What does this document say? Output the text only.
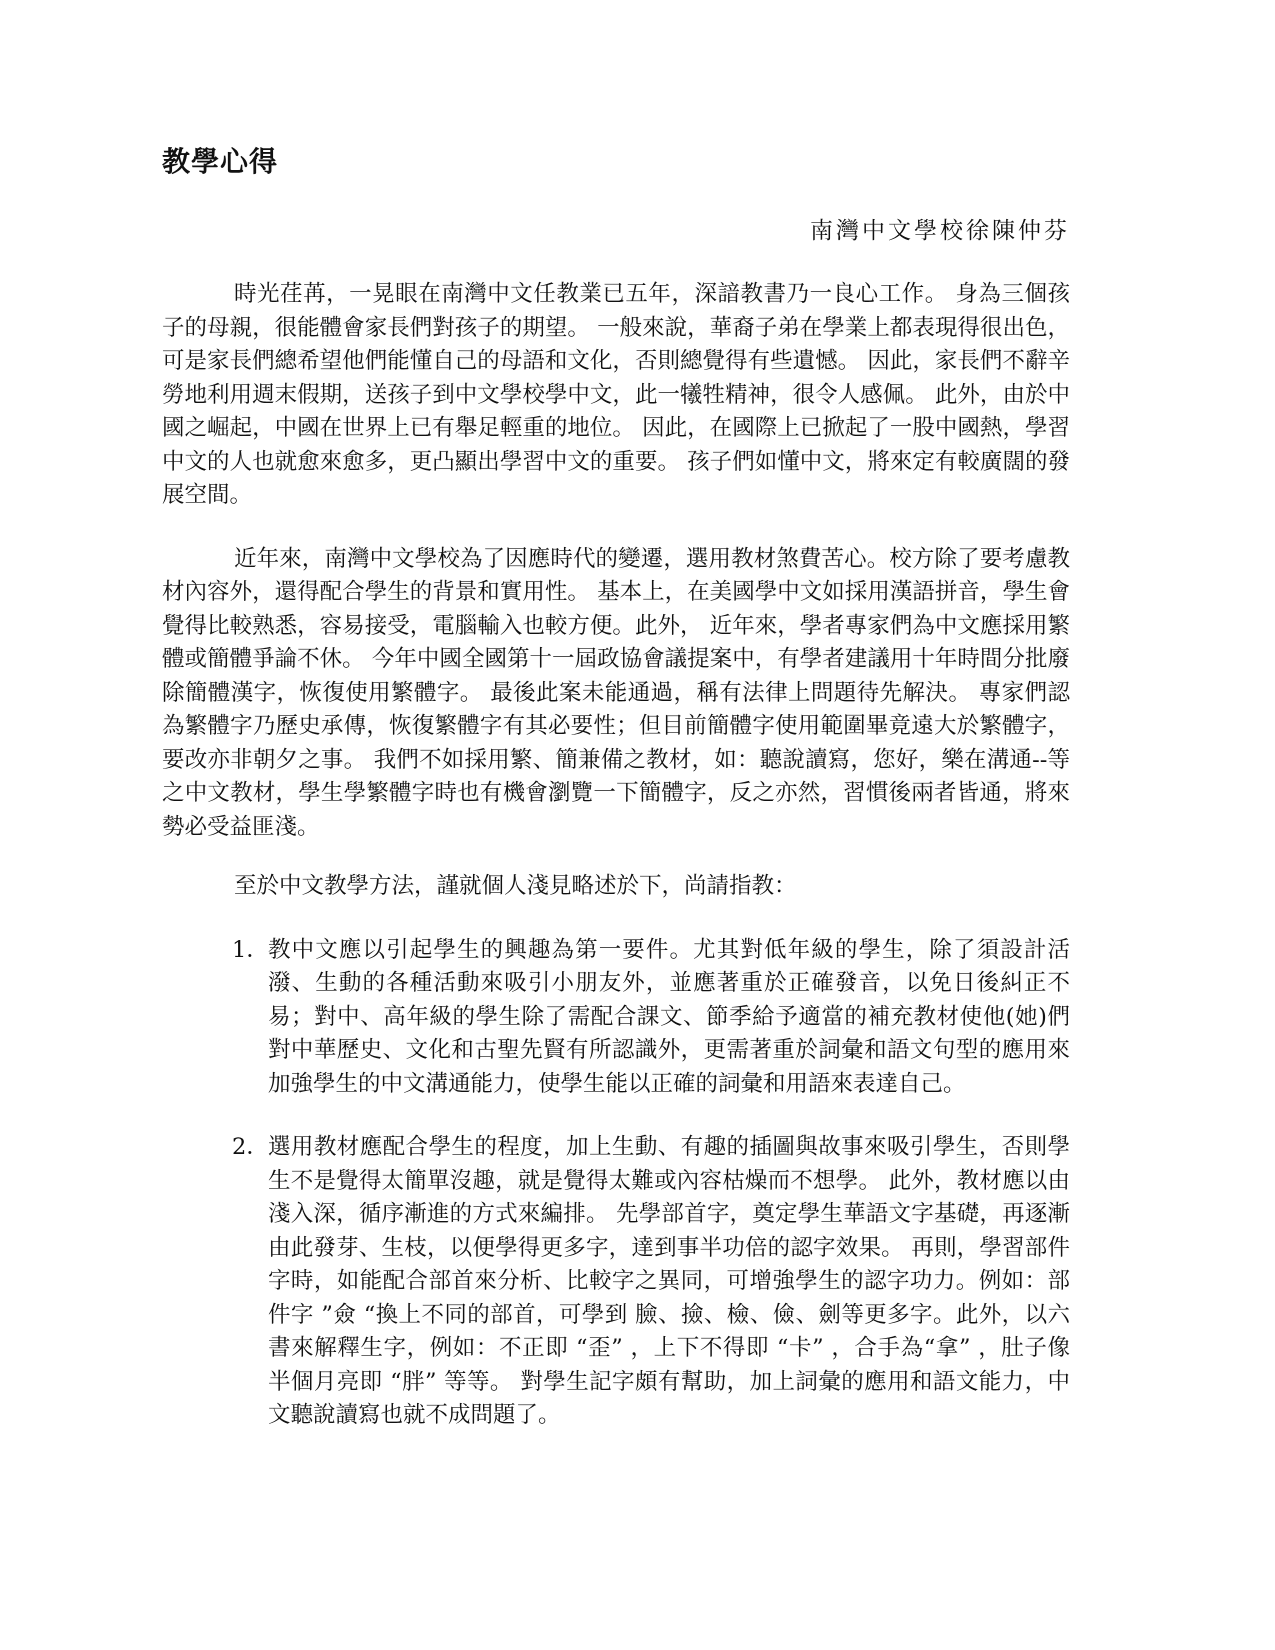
教學心得

南灣中文學校徐陳仲芬

時光荏苒，一晃眼在南灣中文任教業已五年，深諳教書乃一良心工作。 身為三個孩子的母親，很能體會家長們對孩子的期望。 一般來說，華裔子弟在學業上都表現得很出色，可是家長們總希望他們能懂自己的母語和文化，否則總覺得有些遺憾。 因此，家長們不辭辛勞地利用週末假期，送孩子到中文學校學中文，此一犧牲精神，很令人感佩。 此外，由於中國之崛起，中國在世界上已有舉足輕重的地位。 因此，在國際上已掀起了一股中國熱，學習中文的人也就愈來愈多，更凸顯出學習中文的重要。 孩子們如懂中文，將來定有較廣闊的發展空間。

近年來，南灣中文學校為了因應時代的變遷，選用教材煞費苦心。校方除了要考慮教材內容外，還得配合學生的背景和實用性。 基本上，在美國學中文如採用漢語拼音，學生會覺得比較熟悉，容易接受，電腦輸入也較方便。此外， 近年來，學者專家們為中文應採用繁體或簡體爭論不休。 今年中國全國第十一屆政協會議提案中，有學者建議用十年時間分批廢除簡體漢字，恢復使用繁體字。 最後此案未能通過，稱有法律上問題待先解決。 專家們認為繁體字乃歷史承傳，恢復繁體字有其必要性；但目前簡體字使用範圍畢竟遠大於繁體字，要改亦非朝夕之事。 我們不如採用繁、簡兼備之教材，如：聽說讀寫，您好，樂在溝通--等之中文教材，學生學繁體字時也有機會瀏覽一下簡體字，反之亦然，習慣後兩者皆通，將來勢必受益匪淺。

至於中文教學方法，謹就個人淺見略述於下，尚請指教：

1． 教中文應以引起學生的興趣為第一要件。尤其對低年級的學生，除了須設計活潑、生動的各種活動來吸引小朋友外，並應著重於正確發音，以免日後糾正不易；對中、高年級的學生除了需配合課文、節季給予適當的補充教材使他(她)們對中華歷史、文化和古聖先賢有所認識外，更需著重於詞彙和語文句型的應用來加強學生的中文溝通能力，使學生能以正確的詞彙和用語來表達自己。
2． 選用教材應配合學生的程度，加上生動、有趣的插圖與故事來吸引學生，否則學生不是覺得太簡單沒趣，就是覺得太難或內容枯燥而不想學。 此外，教材應以由淺入深，循序漸進的方式來編排。 先學部首字，奠定學生華語文字基礎，再逐漸由此發芽、生枝，以便學得更多字，達到事半功倍的認字效果。 再則，學習部件字時，如能配合部首來分析、比較字之異同，可增強學生的認字功力。例如：部件字 ”僉 “換上不同的部首，可學到 臉、撿、檢、儉、劍等更多字。此外，以六書來解釋生字，例如：不正即 “歪” ，上下不得即 “卡” ，合手為“拿” ，肚子像半個月亮即 “胖” 等等。 對學生記字頗有幫助，加上詞彙的應用和語文能力，中文聽說讀寫也就不成問題了。
